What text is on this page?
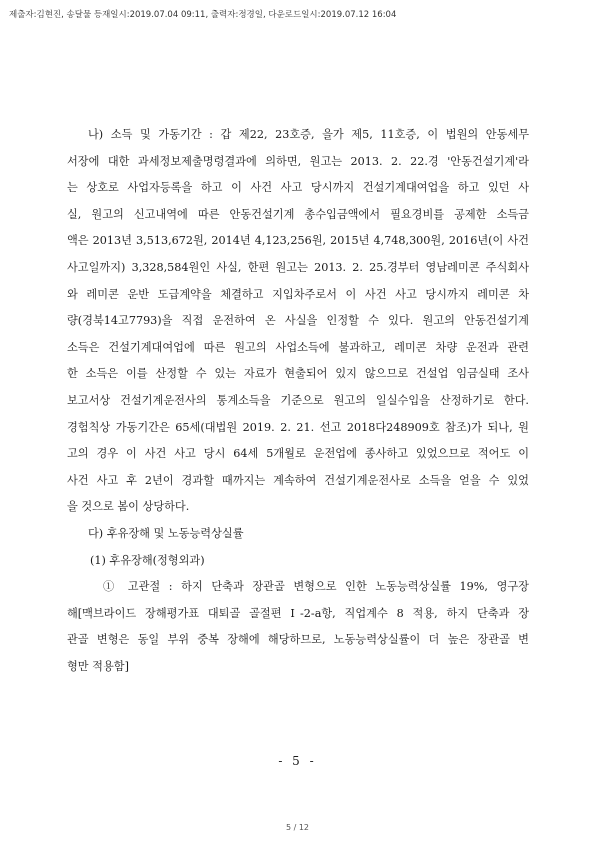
제출자:김현진, 송달물 등재일시:2019.07.04 09:11, 출력자:정경일, 다운로드일시:2019.07.12 16:04
나) 소득 및 가동기간 : 갑 제22, 23호증, 을가 제5, 11호증, 이 법원의 안동세무
서장에 대한 과세정보제출명령결과에 의하면, 원고는 2013. 2. 22.경 '안동건설기계'라
는 상호로 사업자등록을 하고 이 사건 사고 당시까지 건설기계대여업을 하고 있던 사
실, 원고의 신고내역에 따른 안동건설기계 총수입금액에서 필요경비를 공제한 소득금
액은 2013년 3,513,672원, 2014년 4,123,256원, 2015년 4,748,300원, 2016년(이 사건
사고일까지) 3,328,584원인 사실, 한편 원고는 2013. 2. 25.경부터 영남레미콘 주식회사
와 레미콘 운반 도급계약을 체결하고 지입차주로서 이 사건 사고 당시까지 레미콘 차
량(경북14고7793)을 직접 운전하여 온 사실을 인정할 수 있다. 원고의 안동건설기계
소득은 건설기계대여업에 따른 원고의 사업소득에 불과하고, 레미콘 차량 운전과 관련
한 소득은 이를 산정할 수 있는 자료가 현출되어 있지 않으므로 건설업 임금실태 조사
보고서상 건설기계운전사의 통계소득을 기준으로 원고의 일실수입을 산정하기로 한다.
경험칙상 가동기간은 65세(대법원 2019. 2. 21. 선고 2018다248909호 참조)가 되나, 원
고의 경우 이 사건 사고 당시 64세 5개월로 운전업에 종사하고 있었으므로 적어도 이
사건 사고 후 2년이 경과할 때까지는 계속하여 건설기계운전사로 소득을 얻을 수 있었
을 것으로 봄이 상당하다.
다) 후유장해 및 노동능력상실률
(1) 후유장해(정형외과)
① 고관절 : 하지 단축과 장관골 변형으로 인한 노동능력상실률 19%, 영구장
해[맥브라이드 장해평가표 대퇴골 골절편 Ⅰ-2-a항, 직업계수 8 적용, 하지 단축과 장
관골 변형은 동일 부위 중복 장해에 해당하므로, 노동능력상실률이 더 높은 장관골 변
형만 적용함]
- 5 -
5 / 12
